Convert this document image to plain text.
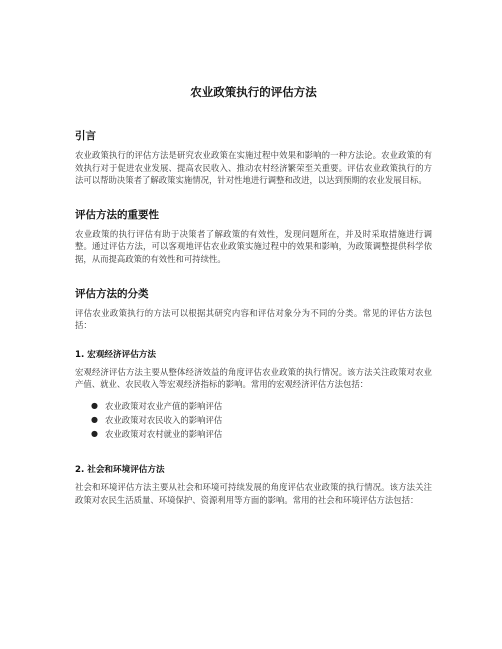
农业政策执行的评估方法
引言

农业政策执行的评估方法是研究农业政策在实施过程中效果和影响的一种方法论。农业政策的有效执行对于促进农业发展、提高农民收入、推动农村经济繁荣至关重要。评估农业政策执行的方法可以帮助决策者了解政策实施情况，针对性地进行调整和改进，以达到预期的农业发展目标。

评估方法的重要性

农业政策的执行评估有助于决策者了解政策的有效性，发现问题所在，并及时采取措施进行调整。通过评估方法，可以客观地评估农业政策实施过程中的效果和影响，为政策调整提供科学依据，从而提高政策的有效性和可持续性。

评估方法的分类

评估农业政策执行的方法可以根据其研究内容和评估对象分为不同的分类。常见的评估方法包括：

1. 宏观经济评估方法

宏观经济评估方法主要从整体经济效益的角度评估农业政策的执行情况。该方法关注政策对农业产值、就业、农民收入等宏观经济指标的影响。常用的宏观经济评估方法包括：

● 农业政策对农业产值的影响评估
● 农业政策对农民收入的影响评估
● 农业政策对农村就业的影响评估
2. 社会和环境评估方法

社会和环境评估方法主要从社会和环境可持续发展的角度评估农业政策的执行情况。该方法关注政策对农民生活质量、环境保护、资源利用等方面的影响。常用的社会和环境评估方法包括：
